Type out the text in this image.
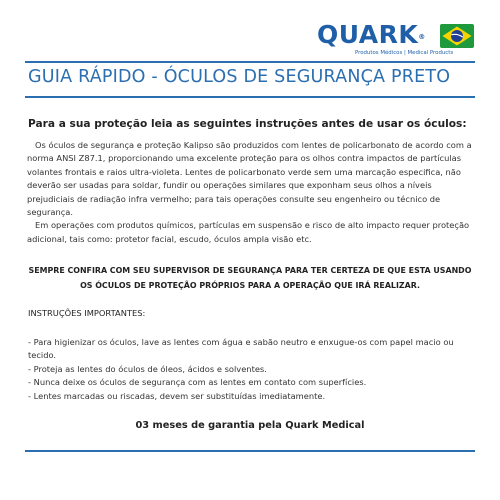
QUARK®
Produtos Médicos | Medical Products
GUIA RÁPIDO - ÓCULOS DE SEGURANÇA PRETO
Para a sua proteção leia as seguintes instruções antes de usar os óculos:

Os óculos de segurança e proteção Kalipso são produzidos com lentes de policarbonato de acordo com a norma ANSI Z87.1, proporcionando uma excelente proteção para os olhos contra impactos de partículas volantes frontais e raios ultra-violeta. Lentes de policarbonato verde sem uma marcação especifica, não deverão ser usadas para soldar, fundir ou operações similares que exponham seus olhos a níveis prejudiciais de radiação infra vermelho; para tais operações consulte seu engenheiro ou técnico de segurança.

Em operações com produtos químicos, partículas em suspensão e risco de alto impacto requer proteção adicional, tais como: protetor facial, escudo, óculos ampla visão etc.

SEMPRE CONFIRA COM SEU SUPERVISOR DE SEGURANÇA PARA TER CERTEZA DE QUE ESTA USANDO OS ÓCULOS DE PROTEÇÃO PRÓPRIOS PARA A OPERAÇÃO QUE IRÁ REALIZAR.
INSTRUÇÕES IMPORTANTES:
- Para higienizar os óculos, lave as lentes com água e sabão neutro e enxugue-os com papel macio ou tecido.
- Proteja as lentes do óculos de óleos, ácidos e solventes.
- Nunca deixe os óculos de segurança com as lentes em contato com superfícies.
- Lentes marcadas ou riscadas, devem ser substituídas imediatamente.
03 meses de garantia pela Quark Medical
